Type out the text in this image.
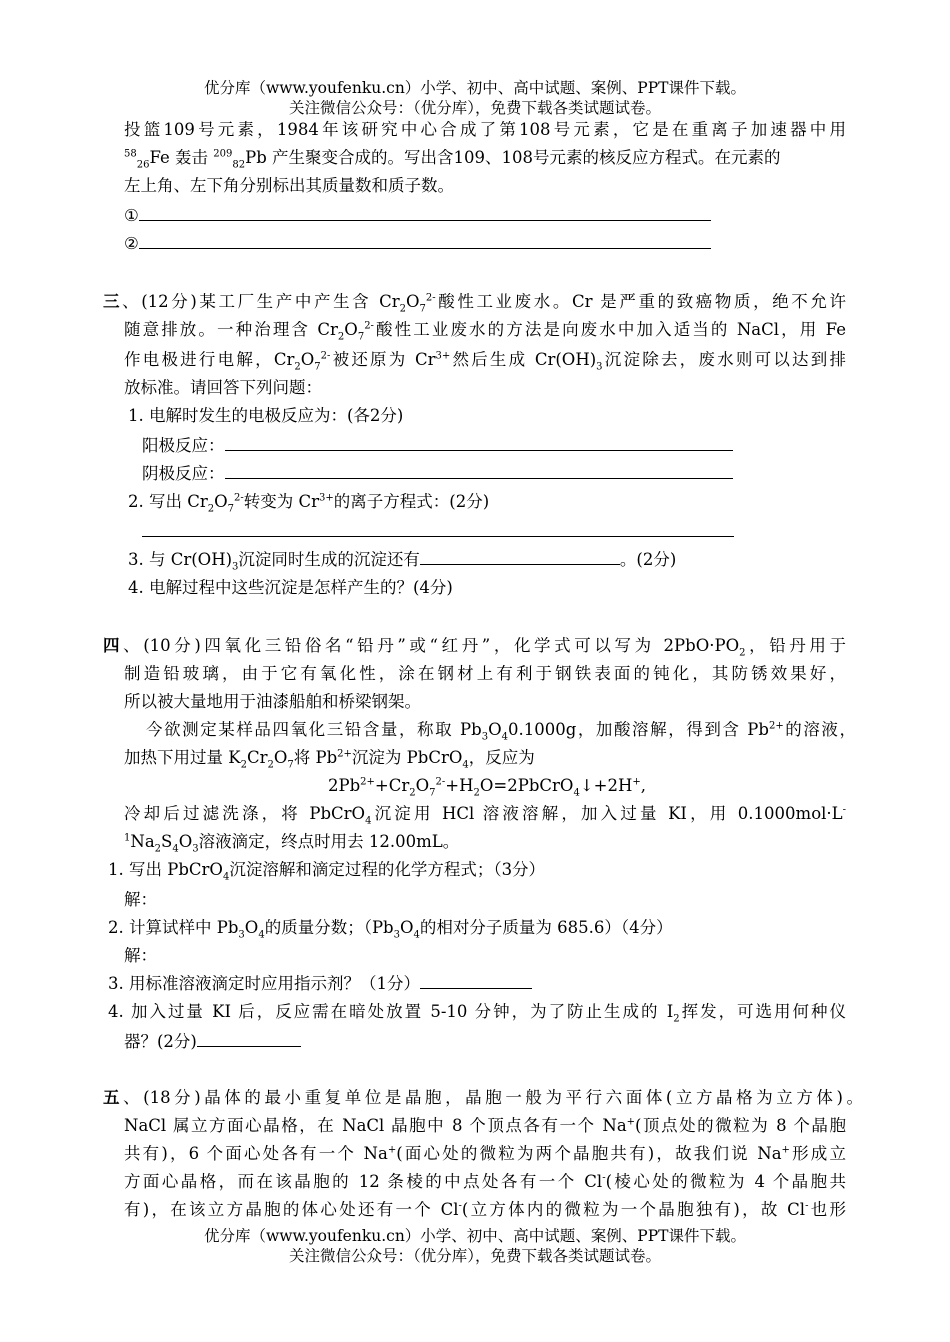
优分库（www.youfenku.cn）小学、初中、高中试题、案例、PPT课件下载。
关注微信公众号：（优分库），免费下载各类试题试卷。
投篮109号元素，1984年该研究中心合成了第108号元素，它是在重离子加速器中用
$^{58}_{26}$Fe 轰击 $^{209}_{82}$Pb 产生聚变合成的。写出含109、108号元素的核反应方程式。在元素的
左上角、左下角分别标出其质量数和质子数。
①
②
三、(12分)某工厂生产中产生含 $Cr_2O_7^{2-}$酸性工业废水。Cr 是严重的致癌物质，绝不允许
随意排放。一种治理含 $Cr_2O_7^{2-}$酸性工业废水的方法是向废水中加入适当的 NaCl，用 Fe
作电极进行电解，$Cr_2O_7^{2-}$被还原为 $Cr^{3+}$然后生成 $Cr(OH)_3$沉淀除去，废水则可以达到排
放标准。请回答下列问题：
1. 电解时发生的电极反应为：(各2分)
阳极反应：
阴极反应：
2. 写出 $Cr_2O_7^{2-}$转变为 $Cr^{3+}$的离子方程式：(2分)
3. 与 $Cr(OH)_3$沉淀同时生成的沉淀还有	。(2分)
4. 电解过程中这些沉淀是怎样产生的？(4分)
四、(10分)四氧化三铅俗名“铅丹”或“红丹”，化学式可以写为 $2PbO\cdot PO_2$，铅丹用于
制造铅玻璃，由于它有氧化性，涂在钢材上有利于钢铁表面的钝化，其防锈效果好，
所以被大量地用于油漆船舶和桥梁钢架。
今欲测定某样品四氧化三铅含量，称取 $Pb_3O_40.1000g$，加酸溶解，得到含 $Pb^{2+}$的溶液，
加热下用过量 $K_2Cr_2O_7$将 $Pb^{2+}$沉淀为 PbCrO$_4$，反应为
$2Pb^{2+}+Cr_2O_7^{2-}+H_2O=2PbCrO_4↓+2H^+$,
冷却后过滤洗涤，将 PbCrO$_4$沉淀用 HCl 溶液溶解，加入过量 KI，用 0.1000mol·L-
$^1Na_2S_4O_3$溶液滴定，终点时用去 12.00mL。
1. 写出 PbCrO$_4$沉淀溶解和滴定过程的化学方程式；（3分）
解：
2. 计算试样中 $Pb_3O_4$的质量分数；（$Pb_3O_4$的相对分子质量为 685.6）（4分）
解：
3. 用标准溶液滴定时应用指示剂？（1分）
4. 加入过量 KI 后，反应需在暗处放置 5-10 分钟，为了防止生成的 $I_2$挥发，可选用何种仪
器？(2分)
五、(18分)晶体的最小重复单位是晶胞，晶胞一般为平行六面体(立方晶格为立方体)。
NaCl 属立方面心晶格，在 NaCl 晶胞中 8 个顶点各有一个 Na+(顶点处的微粒为 8 个晶胞
共有)，6 个面心处各有一个 Na+(面心处的微粒为两个晶胞共有)，故我们说 Na+形成立
方面心晶格，而在该晶胞的 12 条棱的中点处各有一个 Cl-(棱心处的微粒为 4 个晶胞共
有)，在该立方晶胞的体心处还有一个 Cl-(立方体内的微粒为一个晶胞独有)，故 Cl-也形
优分库（www.youfenku.cn）小学、初中、高中试题、案例、PPT课件下载。
关注微信公众号：（优分库），免费下载各类试题试卷。
